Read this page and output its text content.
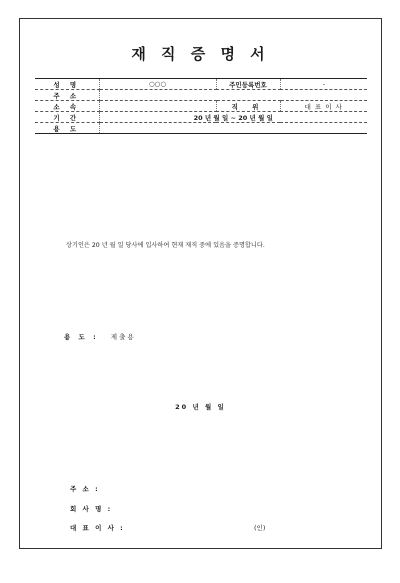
재 직 증 명 서
성 명	○○○	주민등록번호	-
주 소			
소 속		직 위	대 표 이 사
기 간	20 년 월 일 ~ 20 년 월 일		
용 도			
상기인은 20 년 월 일 당사에 입사하여 현재 재직 중에 있음을 증명합니다.
용 도 : 제 출 용
20 년 월 일
주 소 :
회 사 명 :
대 표 이 사 :	(인)
